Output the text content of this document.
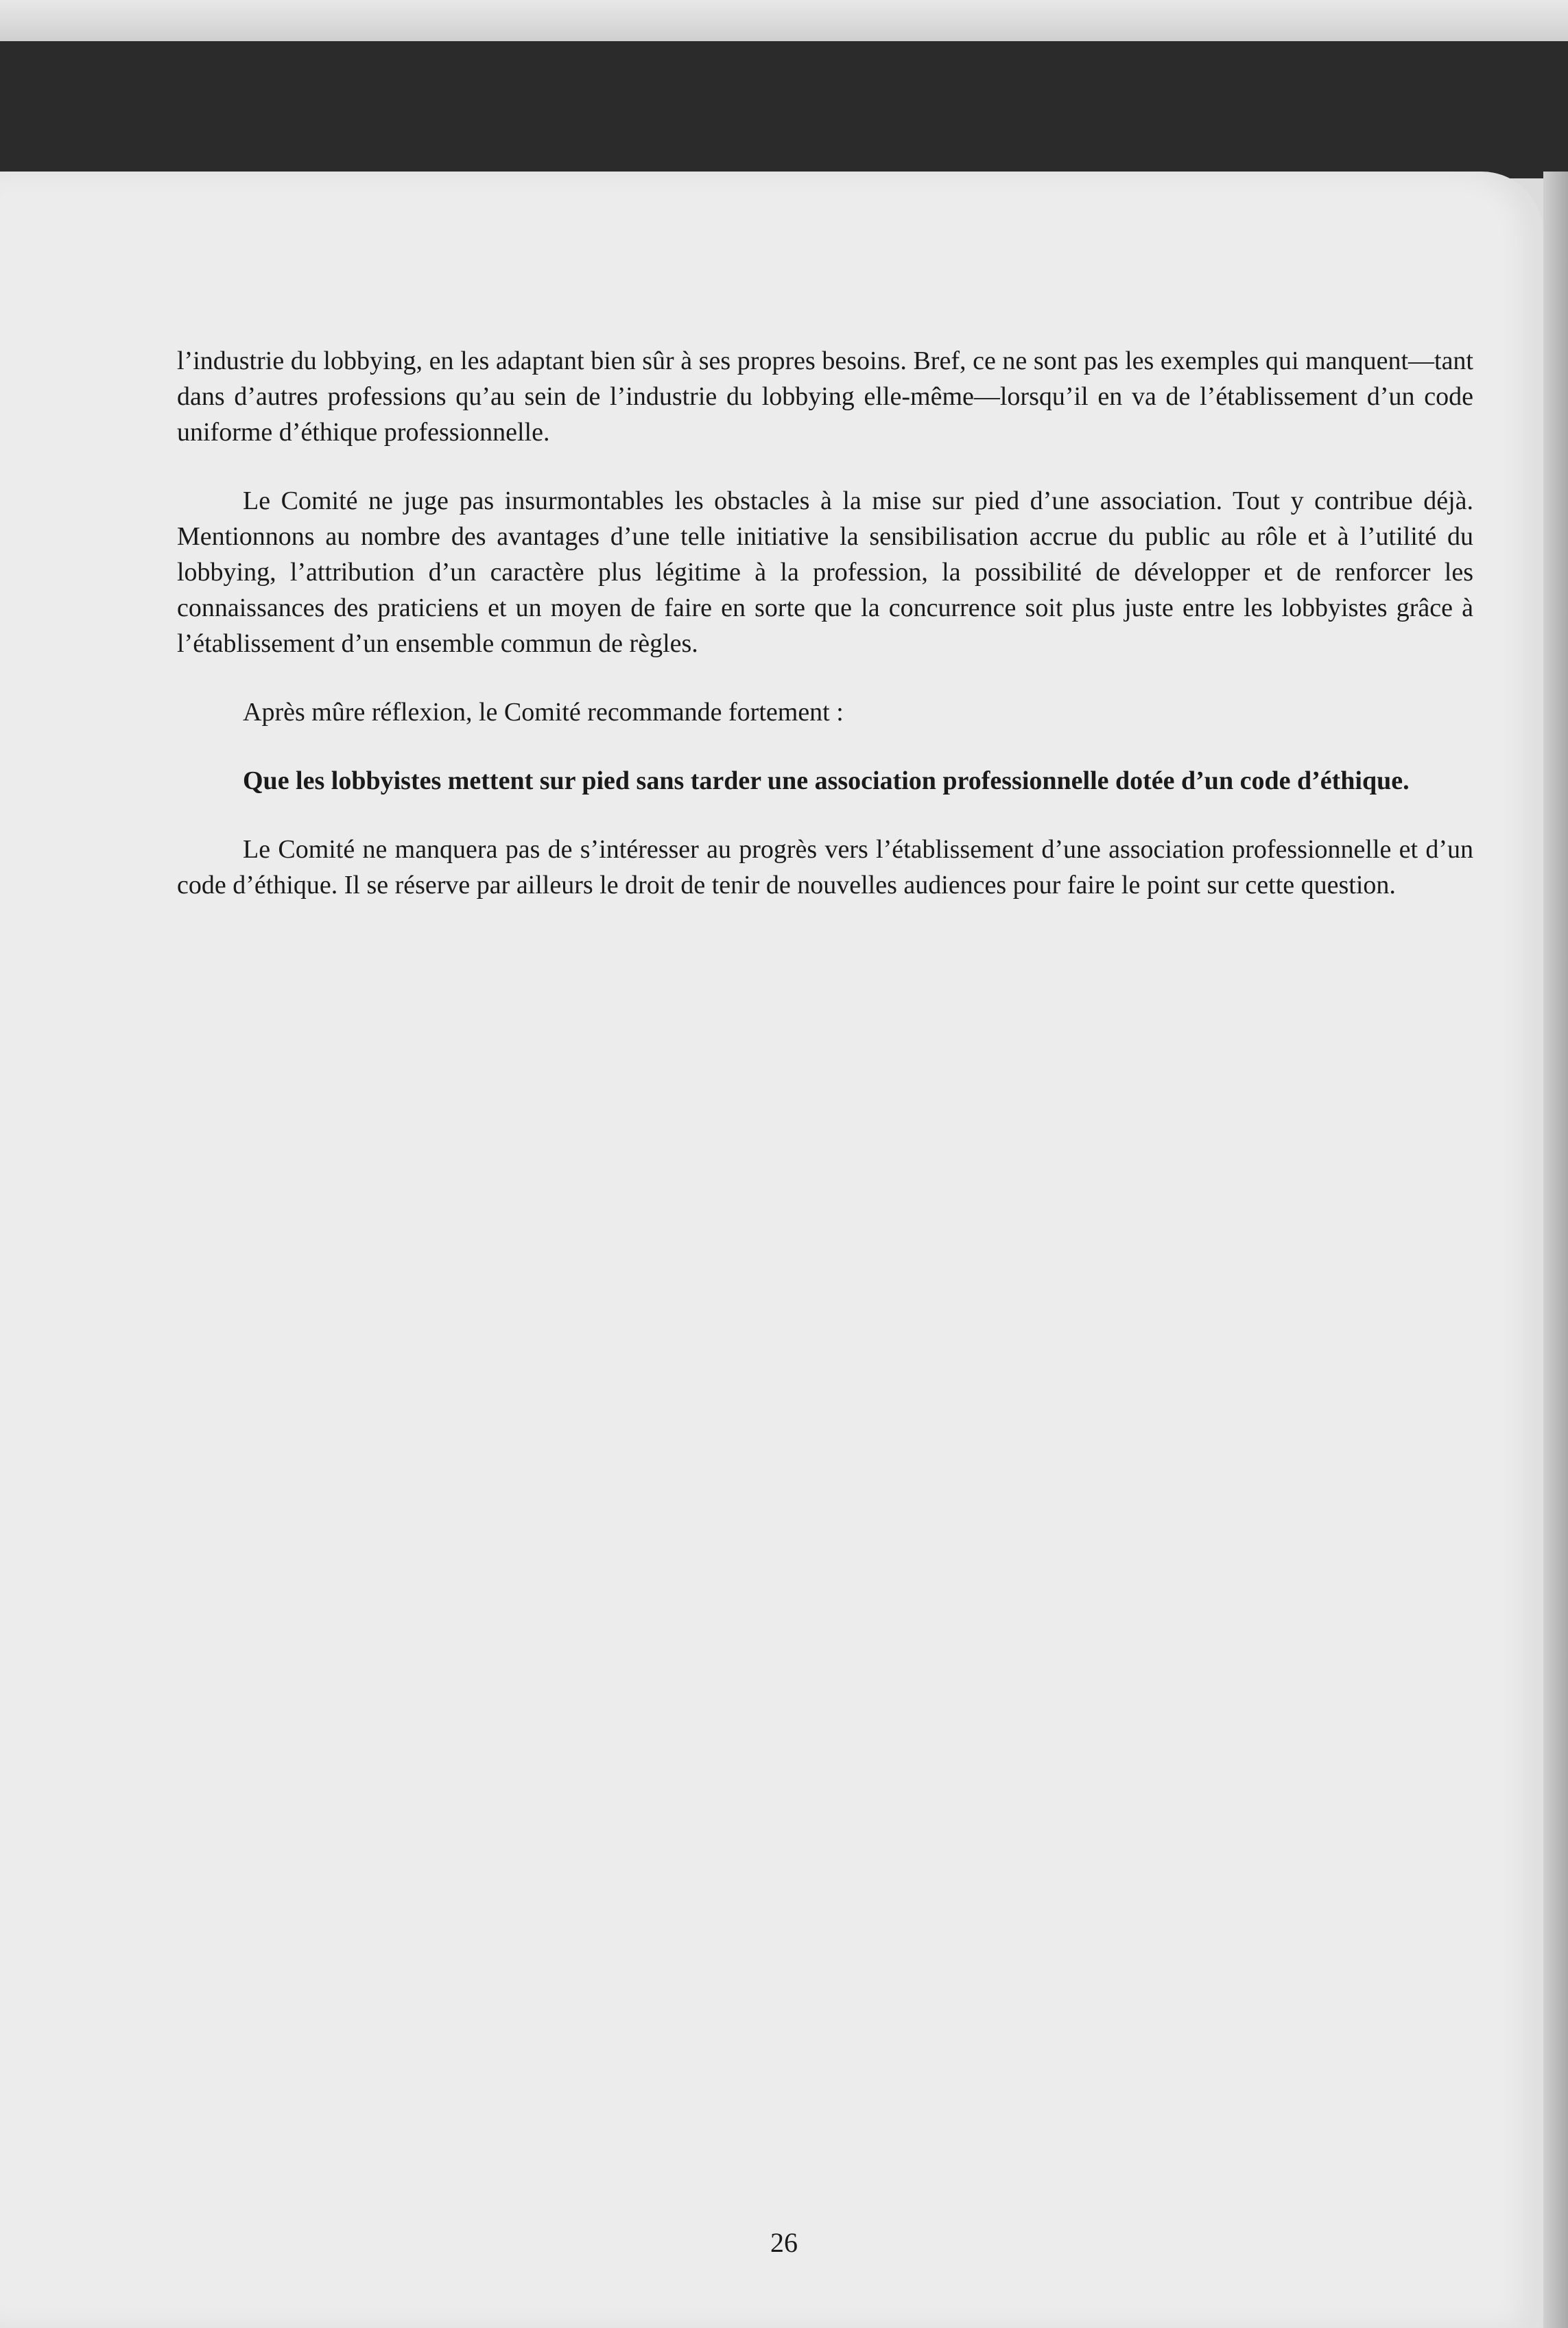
l’industrie du lobbying, en les adaptant bien sûr à ses propres besoins. Bref, ce ne sont pas les exemples qui manquent—tant dans d’autres professions qu’au sein de l’industrie du lobbying elle-même—lorsqu’il en va de l’établissement d’un code uniforme d’éthique professionnelle.

Le Comité ne juge pas insurmontables les obstacles à la mise sur pied d’une association. Tout y contribue déjà. Mentionnons au nombre des avantages d’une telle initiative la sensibilisation accrue du public au rôle et à l’utilité du lobbying, l’attribution d’un caractère plus légitime à la profession, la possibilité de développer et de renforcer les connaissances des praticiens et un moyen de faire en sorte que la concurrence soit plus juste entre les lobbyistes grâce à l’établissement d’un ensemble commun de règles.

Après mûre réflexion, le Comité recommande fortement :

Que les lobbyistes mettent sur pied sans tarder une association professionnelle dotée d’un code d’éthique.

Le Comité ne manquera pas de s’intéresser au progrès vers l’établissement d’une association professionnelle et d’un code d’éthique. Il se réserve par ailleurs le droit de tenir de nouvelles audiences pour faire le point sur cette question.

26
